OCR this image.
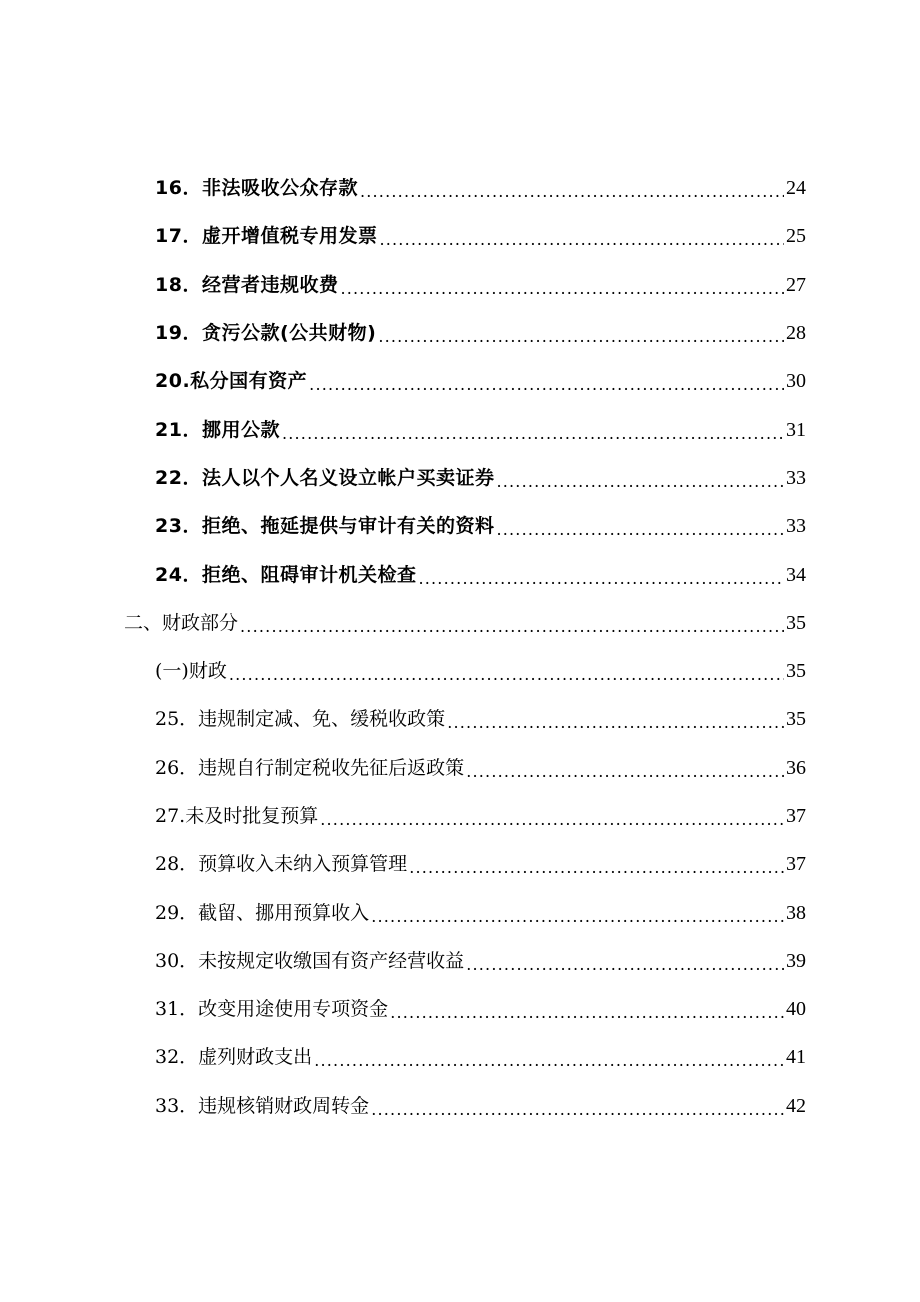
16．非法吸收公众存款 .....	24
17．虚开增值税专用发票 .....	25
18．经营者违规收费 .....	27
19．贪污公款(公共财物) .....	28
20.私分国有资产 .....	30
21．挪用公款 .....	31
22．法人以个人名义设立帐户买卖证券 .....	33
23．拒绝、拖延提供与审计有关的资料 .....	33
24．拒绝、阻碍审计机关检查 .....	34
二、财政部分 .....	35
(一)财政 .....	35
25．违规制定减、免、缓税收政策 .....	35
26．违规自行制定税收先征后返政策 .....	36
27.未及时批复预算 .....	37
28．预算收入未纳入预算管理 .....	37
29．截留、挪用预算收入 .....	38
30．未按规定收缴国有资产经营收益 .....	39
31．改变用途使用专项资金 .....	40
32．虚列财政支出 .....	41
33．违规核销财政周转金 .....	42
